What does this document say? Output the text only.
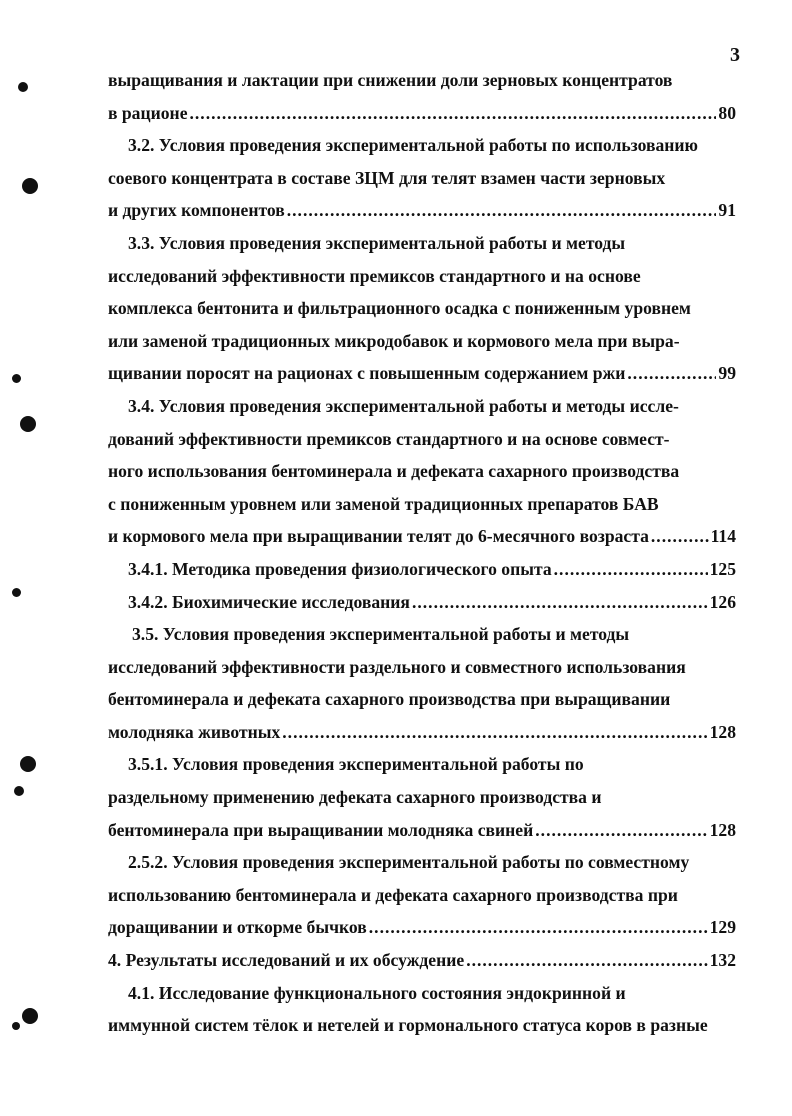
3
выращивания и лактации при снижении доли зерновых концентратов
в рационе .....	80
3.2. Условия проведения экспериментальной работы по использованию
соевого концентрата в составе ЗЦМ для телят взамен части зерновых
и других компонентов .....	91
3.3. Условия проведения экспериментальной работы и методы
исследований эффективности премиксов стандартного и на основе
комплекса бентонита и фильтрационного осадка с пониженным уровнем
или заменой традиционных микродобавок и кормового мела при выра-
щивании поросят на рационах с повышенным содержанием ржи .....	99
3.4. Условия проведения экспериментальной работы и методы иссле-
дований эффективности премиксов стандартного и на основе совмест-
ного использования бентоминерала и дефеката сахарного производства
с пониженным уровнем или заменой традиционных препаратов БАВ
и кормового мела при выращивании телят до 6-месячного возраста .....	114
3.4.1. Методика проведения физиологического опыта .....	125
3.4.2. Биохимические исследования .....	126
3.5. Условия проведения экспериментальной работы и методы
исследований эффективности раздельного и совместного использования
бентоминерала и дефеката сахарного производства при выращивании
молодняка животных .....	128
3.5.1. Условия проведения экспериментальной работы по
раздельному применению дефеката сахарного производства и
бентоминерала при выращивании молодняка свиней .....	128
2.5.2. Условия проведения экспериментальной работы по совместному
использованию бентоминерала и дефеката сахарного производства при
доращивании и откорме бычков .....	129
4. Результаты исследований и их обсуждение .....	132
4.1. Исследование функционального состояния эндокринной и
иммунной систем тёлок и нетелей и гормонального статуса коров в разные
